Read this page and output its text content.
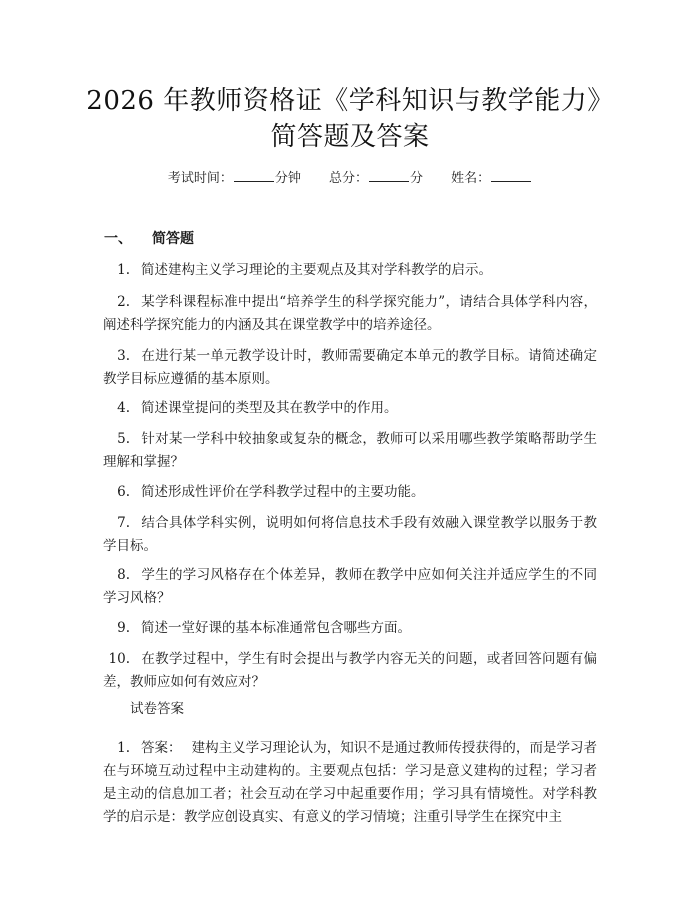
2026 年教师资格证《学科知识与教学能力》
简答题及答案
考试时间：	分钟 总分：	分 姓名：
一、 简答题
1. 简述建构主义学习理论的主要观点及其对学科教学的启示。
2. 某学科课程标准中提出“培养学生的科学探究能力”，请结合具体学科内容，阐述科学探究能力的内涵及其在课堂教学中的培养途径。
3. 在进行某一单元教学设计时，教师需要确定本单元的教学目标。请简述确定教学目标应遵循的基本原则。
4. 简述课堂提问的类型及其在教学中的作用。
5. 针对某一学科中较抽象或复杂的概念，教师可以采用哪些教学策略帮助学生理解和掌握？
6. 简述形成性评价在学科教学过程中的主要功能。
7. 结合具体学科实例，说明如何将信息技术手段有效融入课堂教学以服务于教学目标。
8. 学生的学习风格存在个体差异，教师在教学中应如何关注并适应学生的不同学习风格？
9. 简述一堂好课的基本标准通常包含哪些方面。
10. 在教学过程中，学生有时会提出与教学内容无关的问题，或者回答问题有偏差，教师应如何有效应对？
试卷答案
1. 答案： 建构主义学习理论认为，知识不是通过教师传授获得的，而是学习者在与环境互动过程中主动建构的。主要观点包括：学习是意义建构的过程；学习者是主动的信息加工者；社会互动在学习中起重要作用；学习具有情境性。对学科教学的启示是：教学应创设真实、有意义的学习情境；注重引导学生在探究中主
